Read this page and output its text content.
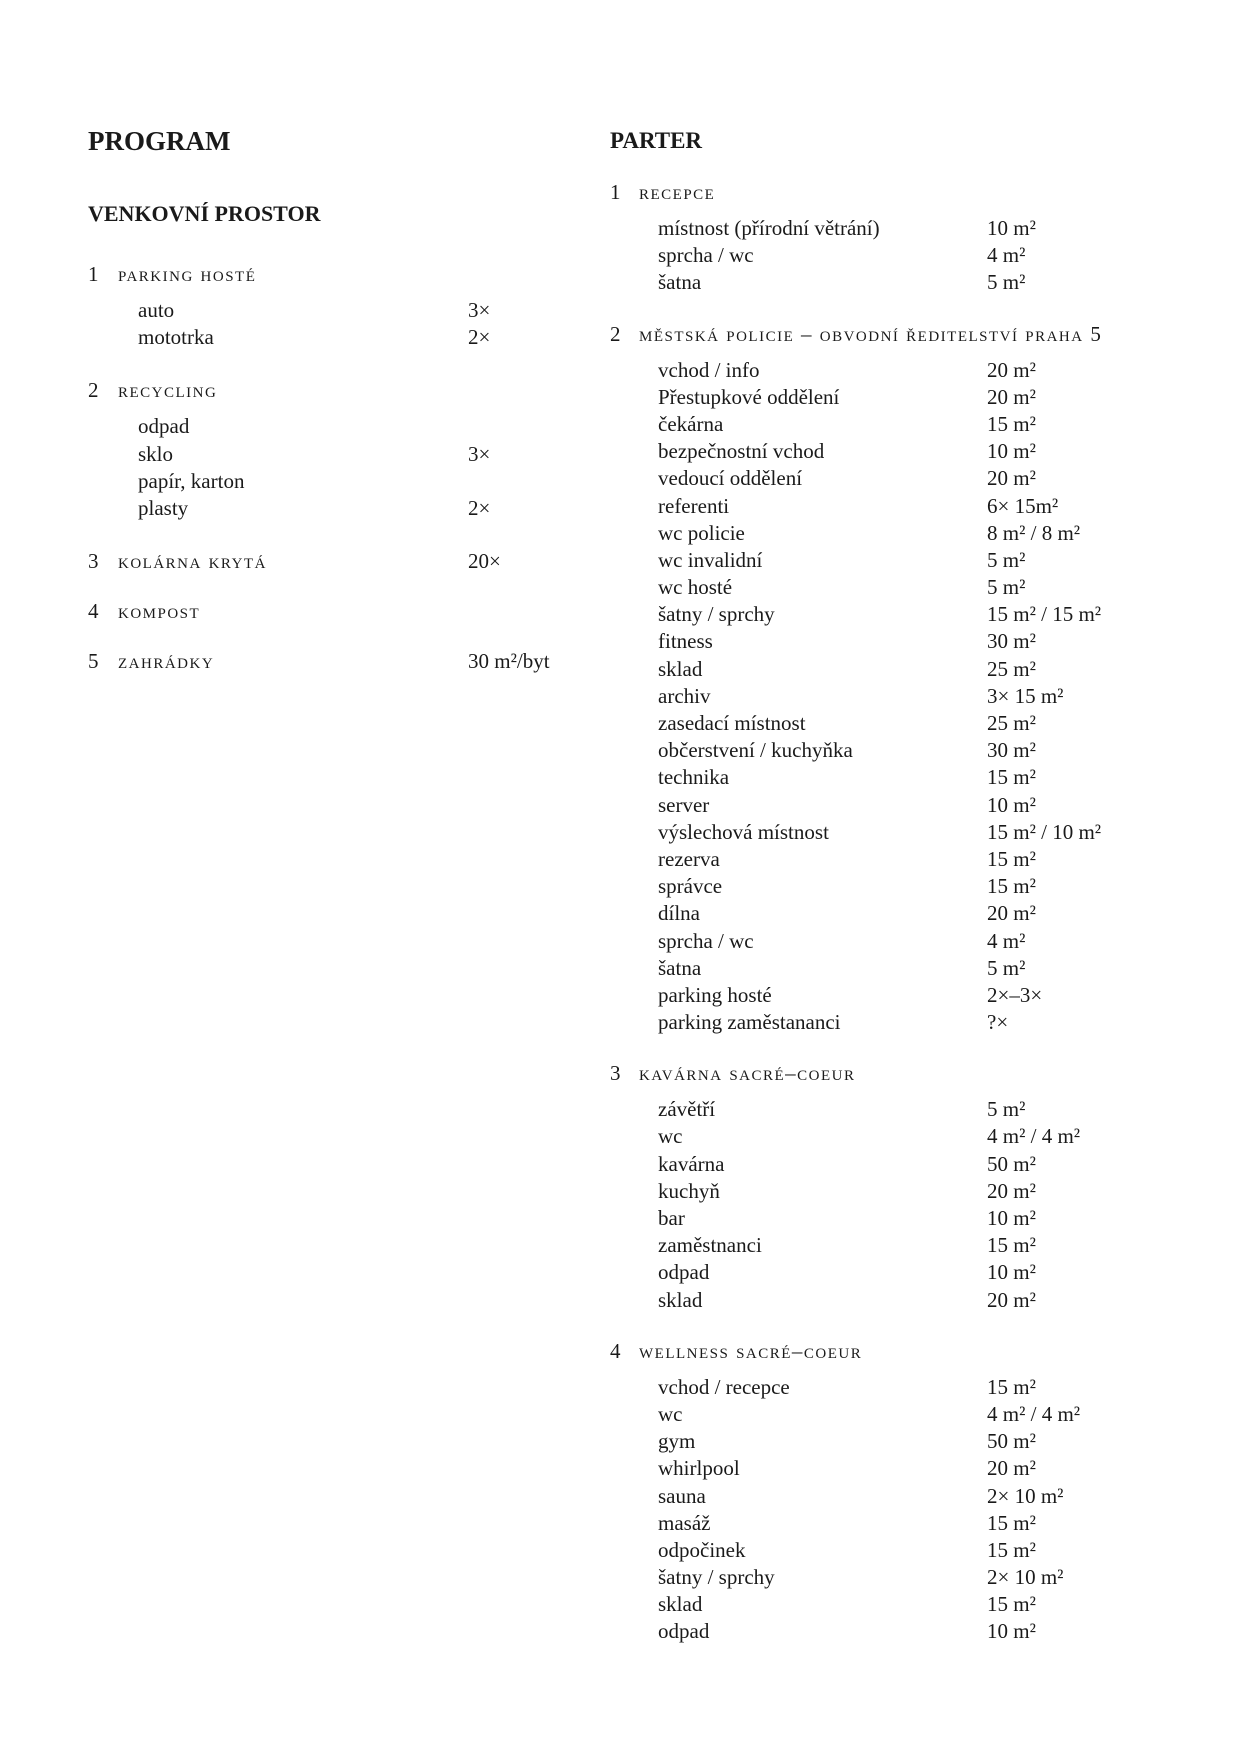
PROGRAM
VENKOVNÍ PROSTOR
1 parking hosté
auto	3×
mototrka	2×
2 recycling
odpad
sklo	3×
papír, karton
plasty	2×
3 kolárna krytá	20×
4 kompost
5 zahrádky	30 m²/byt
PARTER
1 recepce
místnost (přírodní větrání)	10 m²
sprcha / wc	4 m²
šatna	5 m²
2 městská policie – obvodní ředitelství praha 5
vchod / info	20 m²
Přestupkové oddělení	20 m²
čekárna	15 m²
bezpečnostní vchod	10 m²
vedoucí oddělení	20 m²
referenti	6× 15m²
wc policie	8 m² / 8 m²
wc invalidní	5 m²
wc hosté	5 m²
šatny / sprchy	15 m² / 15 m²
fitness	30 m²
sklad	25 m²
archiv	3× 15 m²
zasedací místnost	25 m²
občerstvení / kuchyňka	30 m²
technika	15 m²
server	10 m²
výslechová místnost	15 m² / 10 m²
rezerva	15 m²
správce	15 m²
dílna	20 m²
sprcha / wc	4 m²
šatna	5 m²
parking hosté	2×–3×
parking zaměstananci	?×
3 kavárna sacré–coeur
závětří	5 m²
wc	4 m² / 4 m²
kavárna	50 m²
kuchyň	20 m²
bar	10 m²
zaměstnanci	15 m²
odpad	10 m²
sklad	20 m²
4 wellness sacré–coeur
vchod / recepce	15 m²
wc	4 m² / 4 m²
gym	50 m²
whirlpool	20 m²
sauna	2× 10 m²
masáž	15 m²
odpočinek	15 m²
šatny / sprchy	2× 10 m²
sklad	15 m²
odpad	10 m²
